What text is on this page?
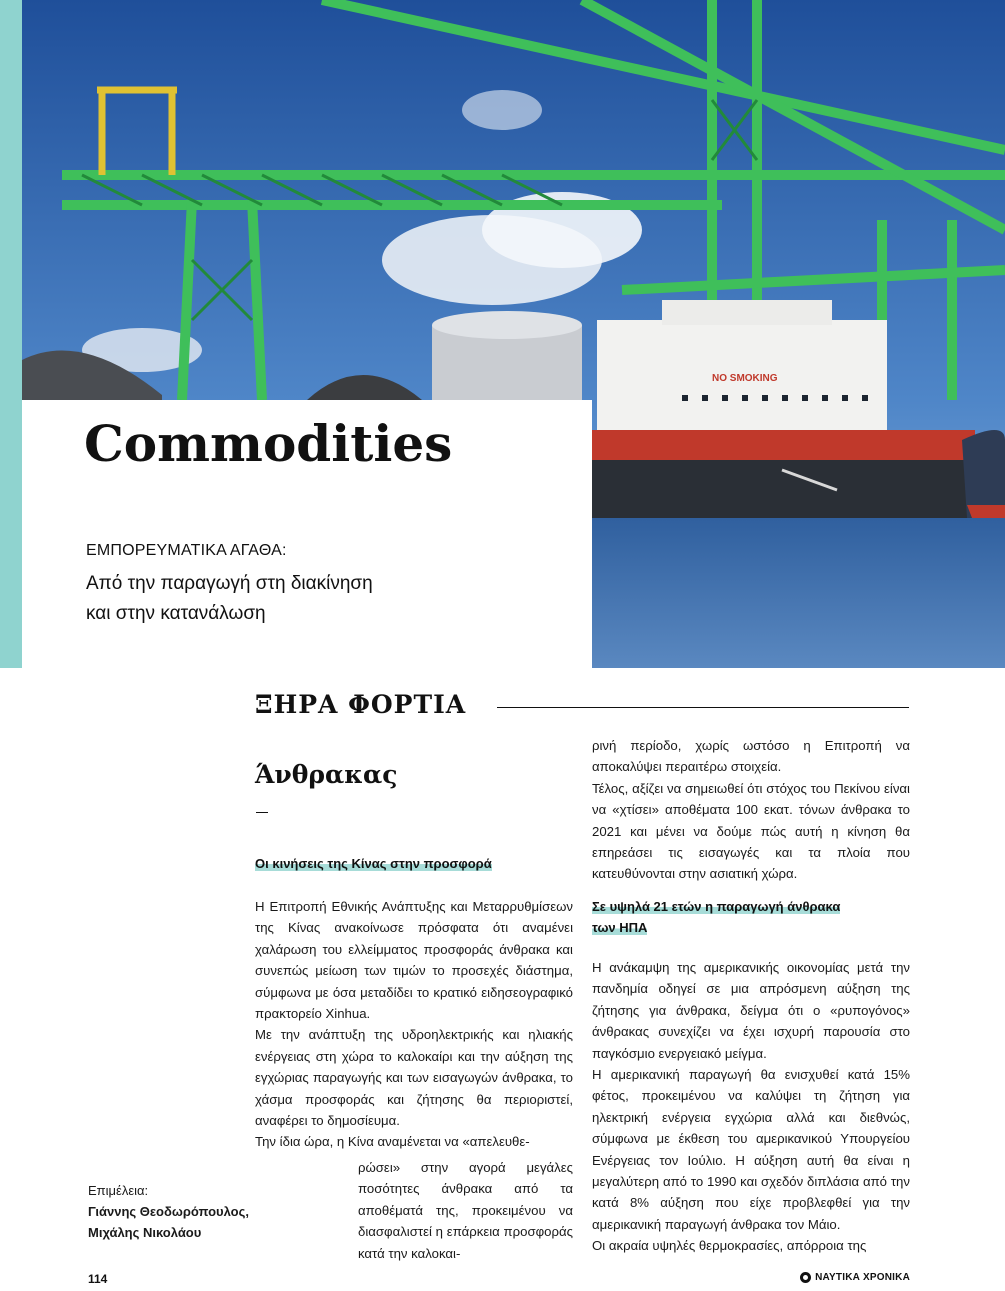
NO SMOKING
Commodities
ΕΜΠΟΡΕΥΜΑΤΙΚΑ ΑΓΑΘΑ:
Από την παραγωγή στη διακίνηση
και στην κατανάλωση
ΞΗΡΑ ΦΟΡΤΙΑ
Άνθρακας
Οι κινήσεις της Κίνας στην προσφορά

Η Επιτροπή Εθνικής Ανάπτυξης και Μεταρρυθμίσεων της Κίνας ανακοίνωσε πρόσφατα ότι αναμένει χαλάρωση του ελλείμματος προσφοράς άνθρακα και συνεπώς μείωση των τιμών το προσεχές διάστημα, σύμφωνα με όσα μεταδίδει το κρατικό ειδησεογραφικό πρακτορείο Xinhua.

Με την ανάπτυξη της υδροηλεκτρικής και ηλιακής ενέργειας στη χώρα το καλοκαίρι και την αύξηση της εγχώριας παραγωγής και των εισαγωγών άνθρακα, το χάσμα προσφοράς και ζήτησης θα περιοριστεί, αναφέρει το δημοσίευμα.

Την ίδια ώρα, η Κίνα αναμένεται να «απελευθε-

ρώσει» στην αγορά μεγάλες ποσότητες άνθρακα από τα αποθέματά της, προκειμένου να διασφαλιστεί η επάρκεια προσφοράς κατά την καλοκαι-

ρινή περίοδο, χωρίς ωστόσο η Επιτροπή να αποκαλύψει περαιτέρω στοιχεία.

Τέλος, αξίζει να σημειωθεί ότι στόχος του Πεκίνου είναι να «χτίσει» αποθέματα 100 εκατ. τόνων άνθρακα το 2021 και μένει να δούμε πώς αυτή η κίνηση θα επηρεάσει τις εισαγωγές και τα πλοία που κατευθύνονται στην ασιατική χώρα.

Σε υψηλά 21 ετών η παραγωγή άνθρακα
των ΗΠΑ

Η ανάκαμψη της αμερικανικής οικονομίας μετά την πανδημία οδηγεί σε μια απρόσμενη αύξηση της ζήτησης για άνθρακα, δείγμα ότι ο «ρυπογόνος» άνθρακας συνεχίζει να έχει ισχυρή παρουσία στο παγκόσμιο ενεργειακό μείγμα.

Η αμερικανική παραγωγή θα ενισχυθεί κατά 15% φέτος, προκειμένου να καλύψει τη ζήτηση για ηλεκτρική ενέργεια εγχώρια αλλά και διεθνώς, σύμφωνα με έκθεση του αμερικανικού Υπουργείου Ενέργειας τον Ιούλιο. Η αύξηση αυτή θα είναι η μεγαλύτερη από το 1990 και σχεδόν διπλάσια από την κατά 8% αύξηση που είχε προβλεφθεί για την αμερικανική παραγωγή άνθρακα τον Μάιο.

Οι ακραία υψηλές θερμοκρασίες, απόρροια της

Επιμέλεια:
Γιάννης Θεοδωρόπουλος,
Μιχάλης Νικολάου
114	ΝΑΥΤΙΚΑ ΧΡΟΝΙΚΑ
